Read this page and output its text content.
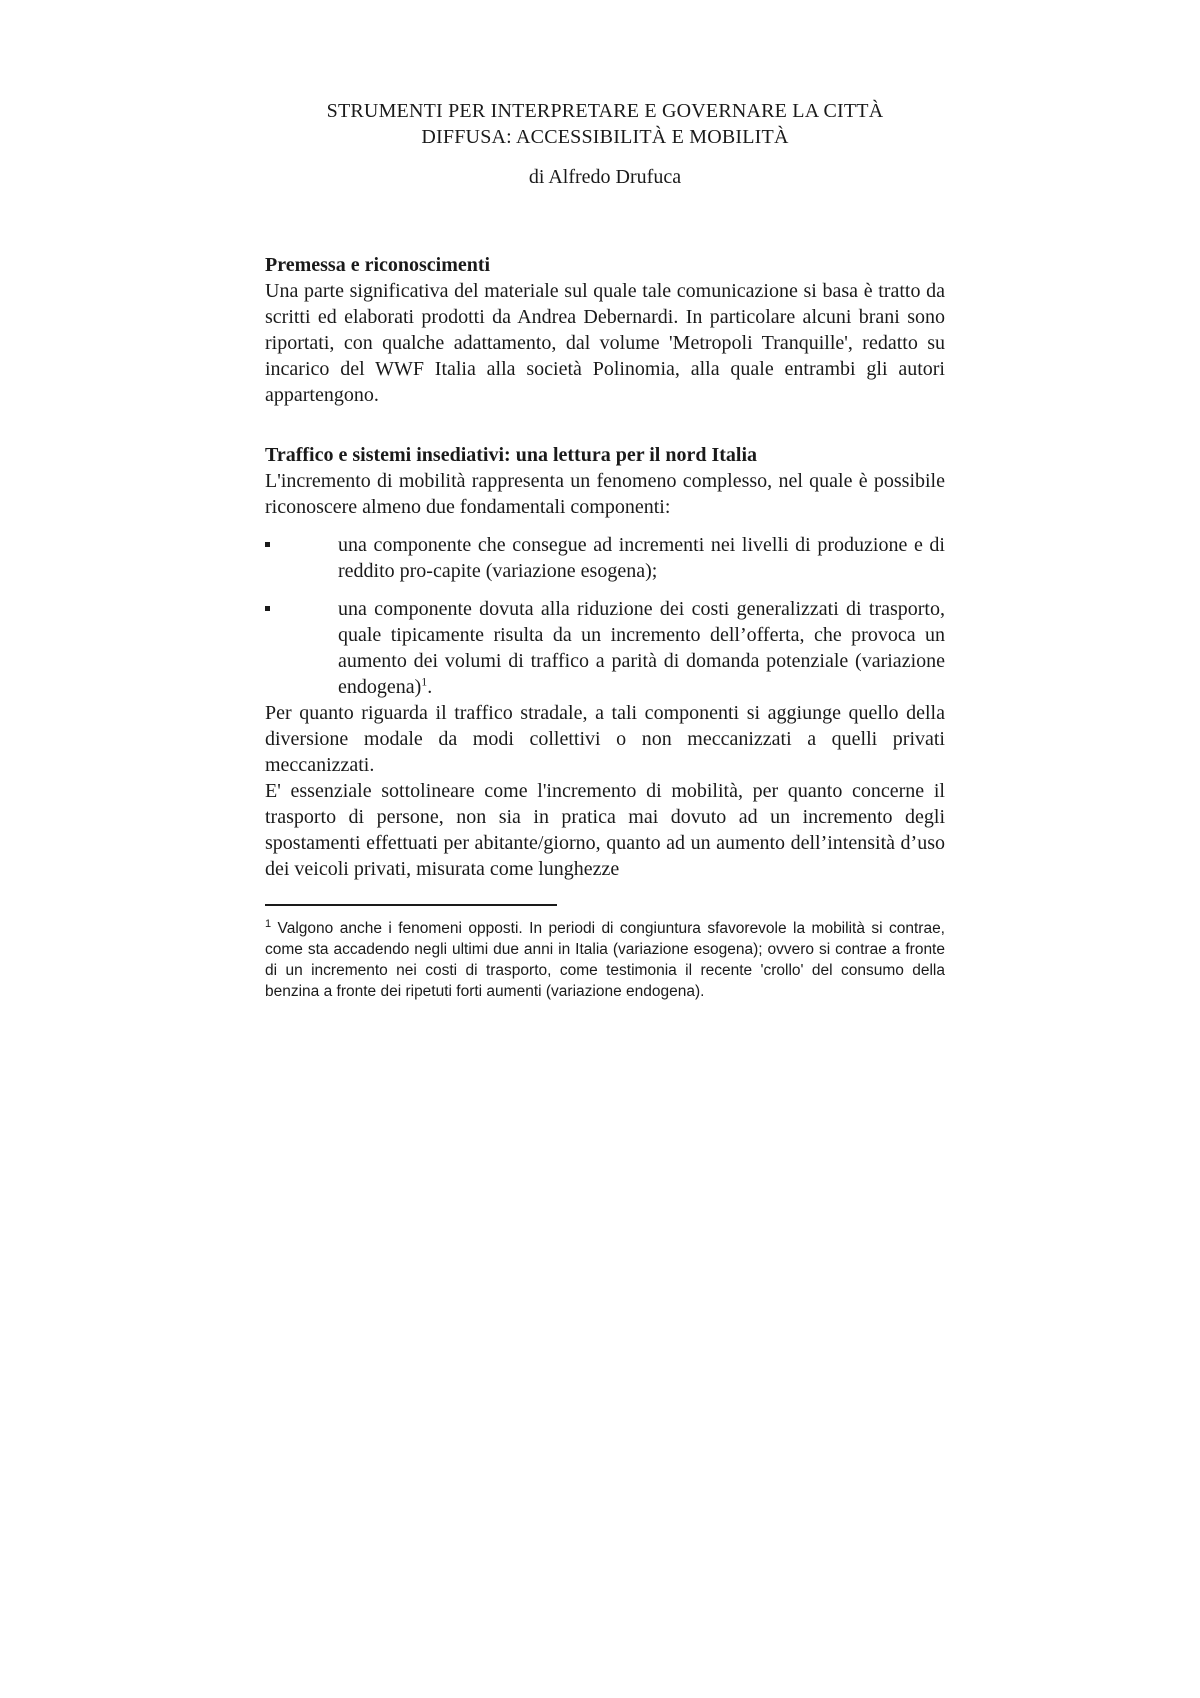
STRUMENTI PER INTERPRETARE E GOVERNARE LA CITTÀ
DIFFUSA: ACCESSIBILITÀ E MOBILITÀ

di Alfredo Drufuca

Premessa e riconoscimenti

Una parte significativa del materiale sul quale tale comunicazione si basa è tratto da scritti ed elaborati prodotti da Andrea Debernardi. In particolare alcuni brani sono riportati, con qualche adattamento, dal volume 'Metropoli Tranquille', redatto su incarico del WWF Italia alla società Polinomia, alla quale entrambi gli autori appartengono.

Traffico e sistemi insediativi: una lettura per il nord Italia

L'incremento di mobilità rappresenta un fenomeno complesso, nel quale è possibile riconoscere almeno due fondamentali componenti:

una componente che consegue ad incrementi nei livelli di produzione e di reddito pro-capite (variazione esogena);
una componente dovuta alla riduzione dei costi generalizzati di trasporto, quale tipicamente risulta da un incremento dell’offerta, che provoca un aumento dei volumi di traffico a parità di domanda potenziale (variazione endogena)$^1$.

Per quanto riguarda il traffico stradale, a tali componenti si aggiunge quello della diversione modale da modi collettivi o non meccanizzati a quelli privati meccanizzati.

E' essenziale sottolineare come l'incremento di mobilità, per quanto concerne il trasporto di persone, non sia in pratica mai dovuto ad un incremento degli spostamenti effettuati per abitante/giorno, quanto ad un aumento dell’intensità d’uso dei veicoli privati, misurata come lunghezze

$^1$ Valgono anche i fenomeni opposti. In periodi di congiuntura sfavorevole la mobilità si contrae, come sta accadendo negli ultimi due anni in Italia (variazione esogena); ovvero si contrae a fronte di un incremento nei costi di trasporto, come testimonia il recente 'crollo' del consumo della benzina a fronte dei ripetuti forti aumenti (variazione endogena).
